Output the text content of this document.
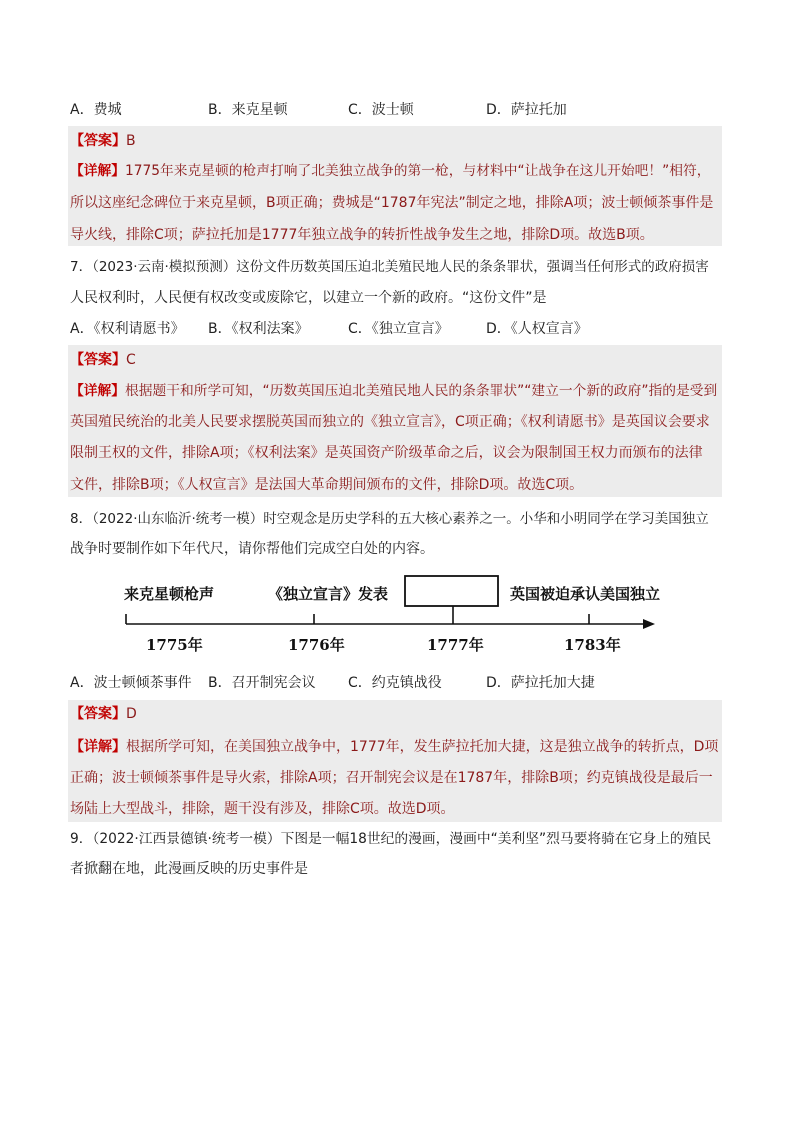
A．费城	B．来克星顿	C．波士顿	D．萨拉托加
【答案】B
【详解】1775年来克星顿的枪声打响了北美独立战争的第一枪，与材料中“让战争在这儿开始吧！”相符，
所以这座纪念碑位于来克星顿，B项正确；费城是“1787年宪法”制定之地，排除A项；波士顿倾茶事件是
导火线，排除C项；萨拉托加是1777年独立战争的转折性战争发生之地，排除D项。故选B项。
7．（2023·云南·模拟预测）这份文件历数英国压迫北美殖民地人民的条条罪状，强调当任何形式的政府损害
人民权利时，人民便有权改变或废除它，以建立一个新的政府。“这份文件”是
A．《权利请愿书》 B．《权利法案》	C．《独立宣言》	D．《人权宣言》
【答案】C
【详解】根据题干和所学可知，“历数英国压迫北美殖民地人民的条条罪状”“建立一个新的政府”指的是受到
英国殖民统治的北美人民要求摆脱英国而独立的《独立宣言》，C项正确；《权利请愿书》是英国议会要求
限制王权的文件，排除A项；《权利法案》是英国资产阶级革命之后，议会为限制国王权力而颁布的法律
文件，排除B项；《人权宣言》是法国大革命期间颁布的文件，排除D项。故选C项。
8．（2022·山东临沂·统考一模）时空观念是历史学科的五大核心素养之一。小华和小明同学在学习美国独立
战争时要制作如下年代尺，请你帮他们完成空白处的内容。
来克星顿枪声	《独立宣言》发表	英国被迫承认美国独立
1775年	1776年	1777年	1783年
A．波士顿倾茶事件 B．召开制宪会议 C．约克镇战役	D．萨拉托加大捷
【答案】D
【详解】根据所学可知，在美国独立战争中，1777年，发生萨拉托加大捷，这是独立战争的转折点，D项
正确；波士顿倾茶事件是导火索，排除A项；召开制宪会议是在1787年，排除B项；约克镇战役是最后一
场陆上大型战斗，排除，题干没有涉及，排除C项。故选D项。
9．（2022·江西景德镇·统考一模）下图是一幅18世纪的漫画，漫画中“美利坚”烈马要将骑在它身上的殖民
者掀翻在地，此漫画反映的历史事件是
